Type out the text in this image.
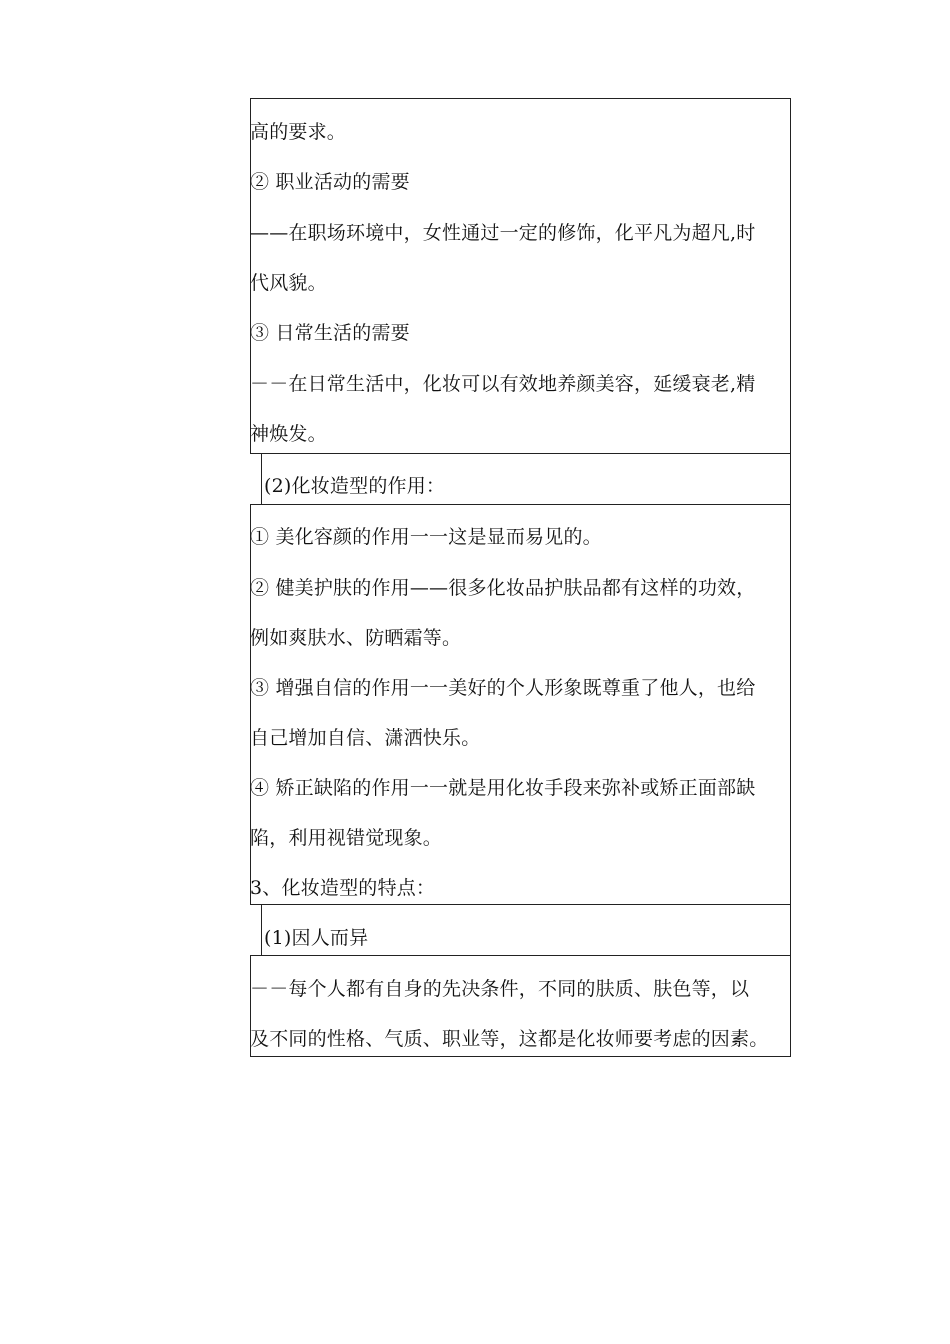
高的要求。
② 职业活动的需要
——在职场环境中，女性通过一定的修饰，化平凡为超凡,时
代风貌。
③ 日常生活的需要
－－在日常生活中，化妆可以有效地养颜美容，延缓衰老,精
神焕发。
(2)化妆造型的作用：
① 美化容颜的作用一一这是显而易见的。
② 健美护肤的作用——很多化妆品护肤品都有这样的功效，
例如爽肤水、防晒霜等。
③ 增强自信的作用一一美好的个人形象既尊重了他人，也给
自己增加自信、潇洒快乐。
④ 矫正缺陷的作用一一就是用化妆手段来弥补或矫正面部缺
陷，利用视错觉现象。
3、化妆造型的特点：
(1)因人而异
－－每个人都有自身的先决条件，不同的肤质、肤色等，以
及不同的性格、气质、职业等，这都是化妆师要考虑的因素。
